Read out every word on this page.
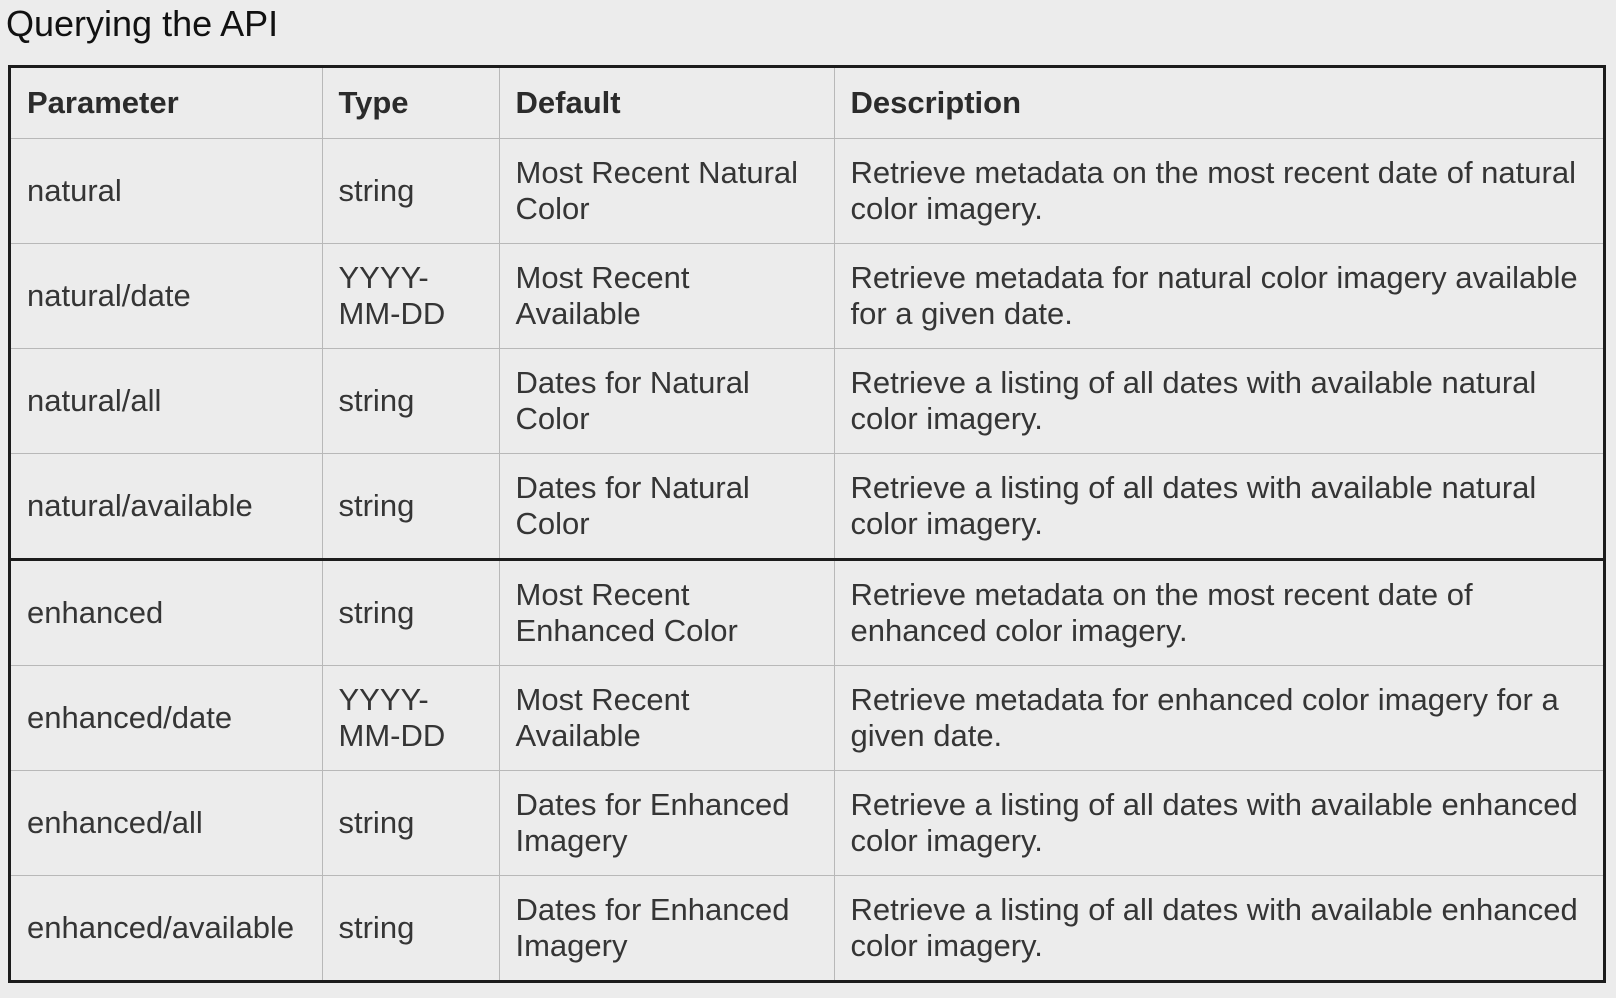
Querying the API
Parameter	Type	Default	Description
natural	string	Most Recent Natural Color	Retrieve metadata on the most recent date of natural color imagery.
natural/date	YYYY-MM-DD	Most Recent Available	Retrieve metadata for natural color imagery available for a given date.
natural/all	string	Dates for Natural Color	Retrieve a listing of all dates with available natural color imagery.
natural/available	string	Dates for Natural Color	Retrieve a listing of all dates with available natural color imagery.
enhanced	string	Most Recent Enhanced Color	Retrieve metadata on the most recent date of enhanced color imagery.
enhanced/date	YYYY-MM-DD	Most Recent Available	Retrieve metadata for enhanced color imagery for a given date.
enhanced/all	string	Dates for Enhanced Imagery	Retrieve a listing of all dates with available enhanced color imagery.
enhanced/available	string	Dates for Enhanced Imagery	Retrieve a listing of all dates with available enhanced color imagery.
